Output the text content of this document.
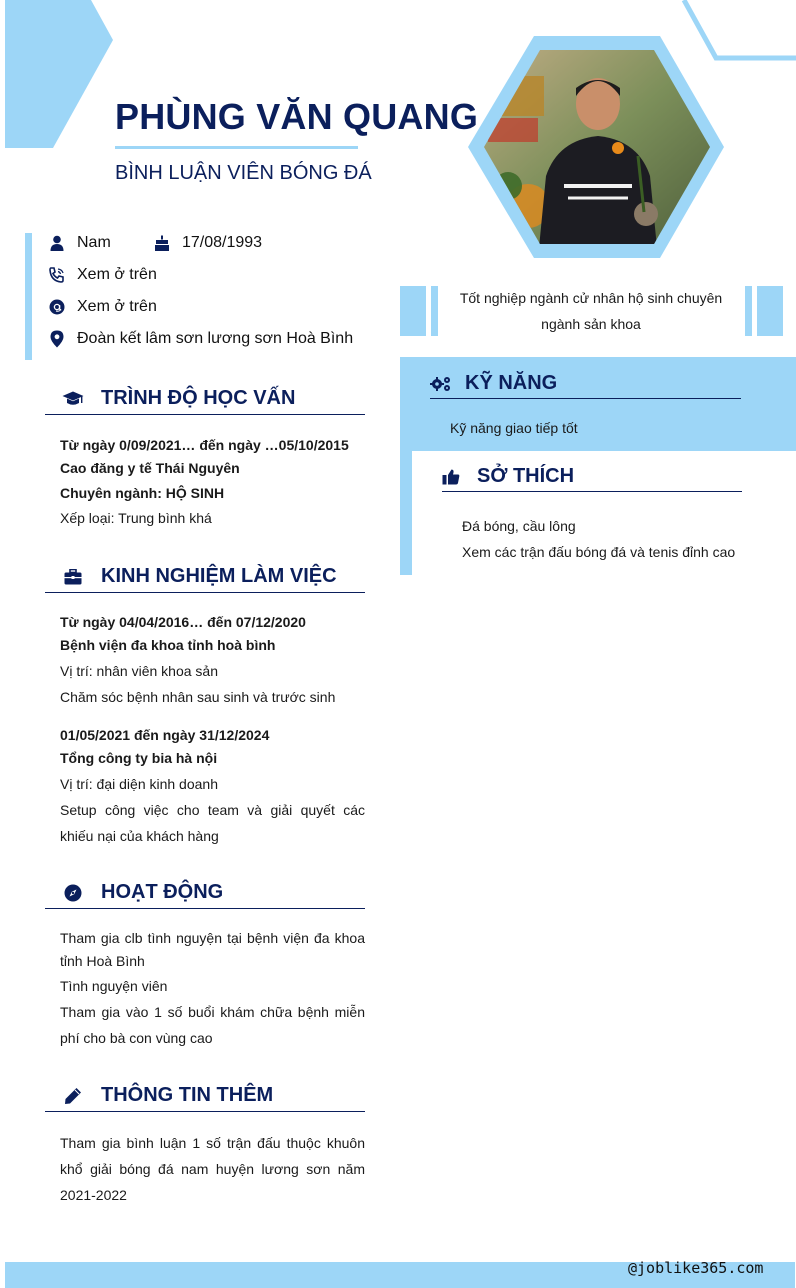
PHÙNG VĂN QUANG
BÌNH LUẬN VIÊN BÓNG ĐÁ
Nam	17/08/1993
Xem ở trên
Xem ở trên
Đoàn kết lâm sơn lương sơn Hoà Bình
TRÌNH ĐỘ HỌC VẤN
Từ ngày 0/09/2021… đến ngày …05/10/2015
Cao đăng y tế Thái Nguyên
Chuyên ngành: HỘ SINH
Xếp loại: Trung bình khá
KINH NGHIỆM LÀM VIỆC
Từ ngày 04/04/2016… đến 07/12/2020
Bệnh viện đa khoa tỉnh hoà bình
Vị trí: nhân viên khoa sản
Chăm sóc bệnh nhân sau sinh và trước sinh
01/05/2021 đến ngày 31/12/2024
Tổng công ty bia hà nội
Vị trí: đại diện kinh doanh
Setup công việc cho team và giải quyết các khiếu nại của khách hàng
HOẠT ĐỘNG
Tham gia clb tình nguyện tại bệnh viện đa khoa tỉnh Hoà Bình
Tình nguyện viên
Tham gia vào 1 số buổi khám chữa bệnh miễn phí cho bà con vùng cao
THÔNG TIN THÊM
Tham gia bình luận 1 số trận đấu thuộc khuôn khổ giải bóng đá nam huyện lương sơn năm 2021-2022
Tốt nghiệp ngành cử nhân hộ sinh chuyên ngành sản khoa
KỸ NĂNG
Kỹ năng giao tiếp tốt
SỞ THÍCH
Đá bóng, cầu lông
Xem các trận đấu bóng đá và tenis đỉnh cao
@joblike365.com
